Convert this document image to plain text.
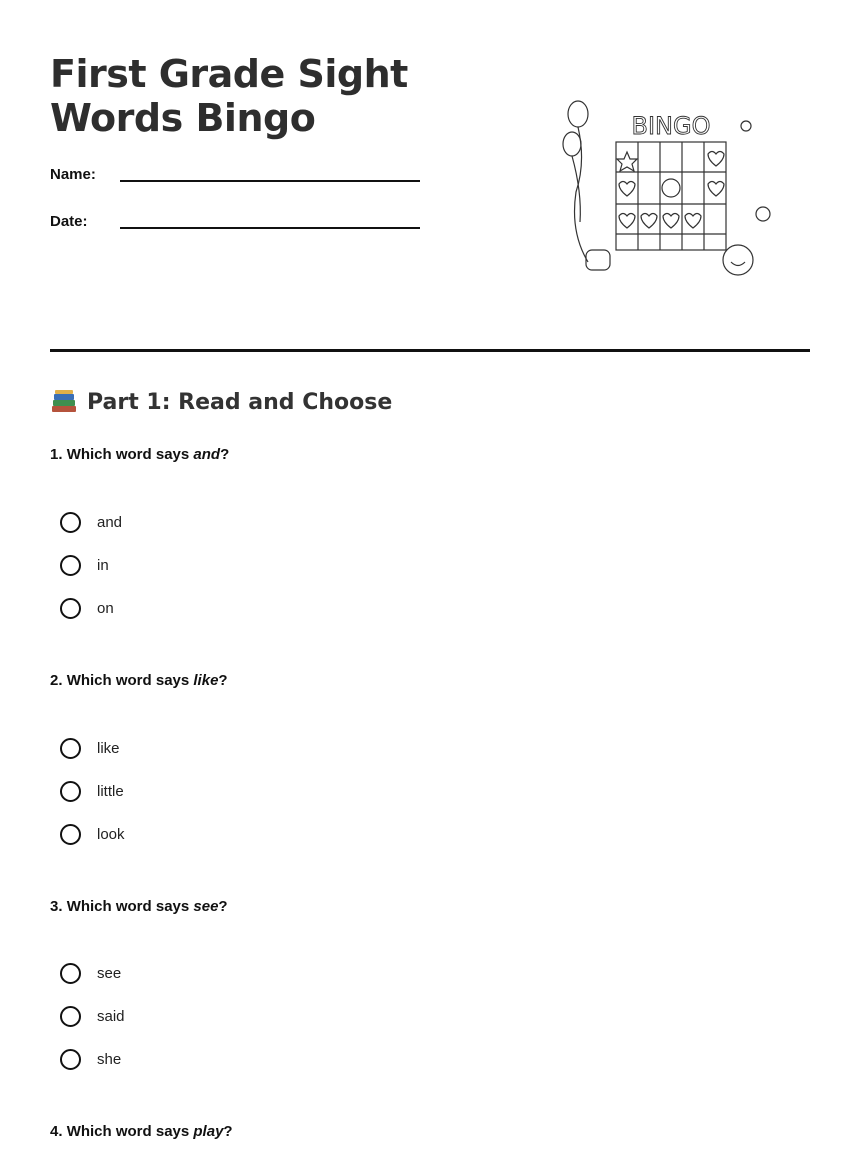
First Grade Sight Words Bingo
Name:
Date:
BINGO
Part 1: Read and Choose
1. Which word says and?
and
in
on
2. Which word says like?
like
little
look
3. Which word says see?
see
said
she
4. Which word says play?
